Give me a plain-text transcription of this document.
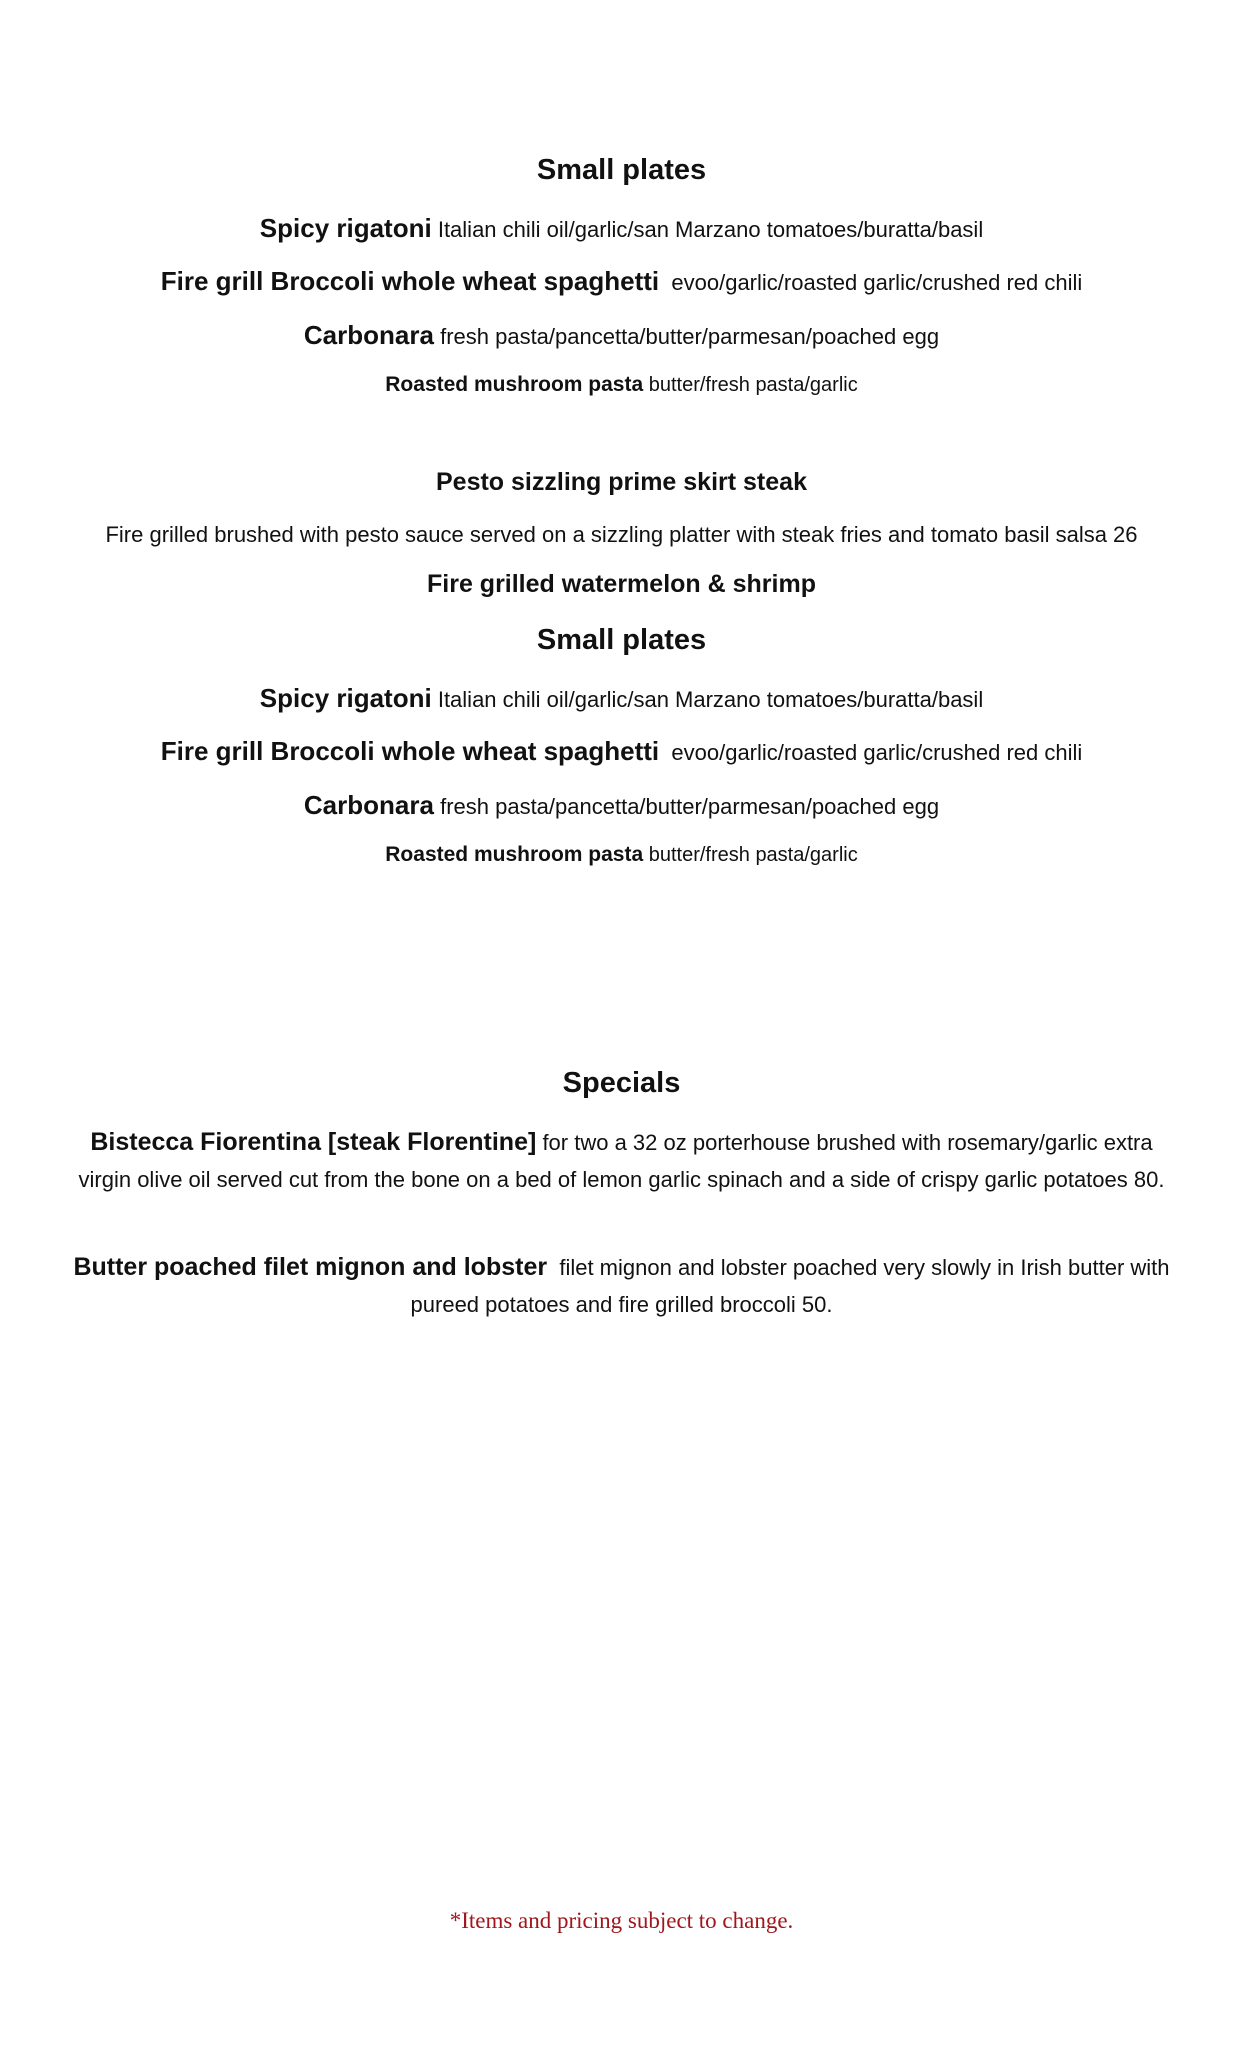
Small plates
Spicy rigatoni Italian chili oil/garlic/san Marzano tomatoes/buratta/basil
Fire grill Broccoli whole wheat spaghetti evoo/garlic/roasted garlic/crushed red chili
Carbonara fresh pasta/pancetta/butter/parmesan/poached egg
Roasted mushroom pasta butter/fresh pasta/garlic
Pesto sizzling prime skirt steak
Fire grilled brushed with pesto sauce served on a sizzling platter with steak fries and tomato basil salsa 26
Fire grilled watermelon & shrimp
Small plates
Spicy rigatoni Italian chili oil/garlic/san Marzano tomatoes/buratta/basil
Fire grill Broccoli whole wheat spaghetti evoo/garlic/roasted garlic/crushed red chili
Carbonara fresh pasta/pancetta/butter/parmesan/poached egg
Roasted mushroom pasta butter/fresh pasta/garlic
Specials
Bistecca Fiorentina [steak Florentine] for two a 32 oz porterhouse brushed with rosemary/garlic extra virgin olive oil served cut from the bone on a bed of lemon garlic spinach and a side of crispy garlic potatoes 80.
Butter poached filet mignon and lobster filet mignon and lobster poached very slowly in Irish butter with pureed potatoes and fire grilled broccoli 50.
*Items and pricing subject to change.
